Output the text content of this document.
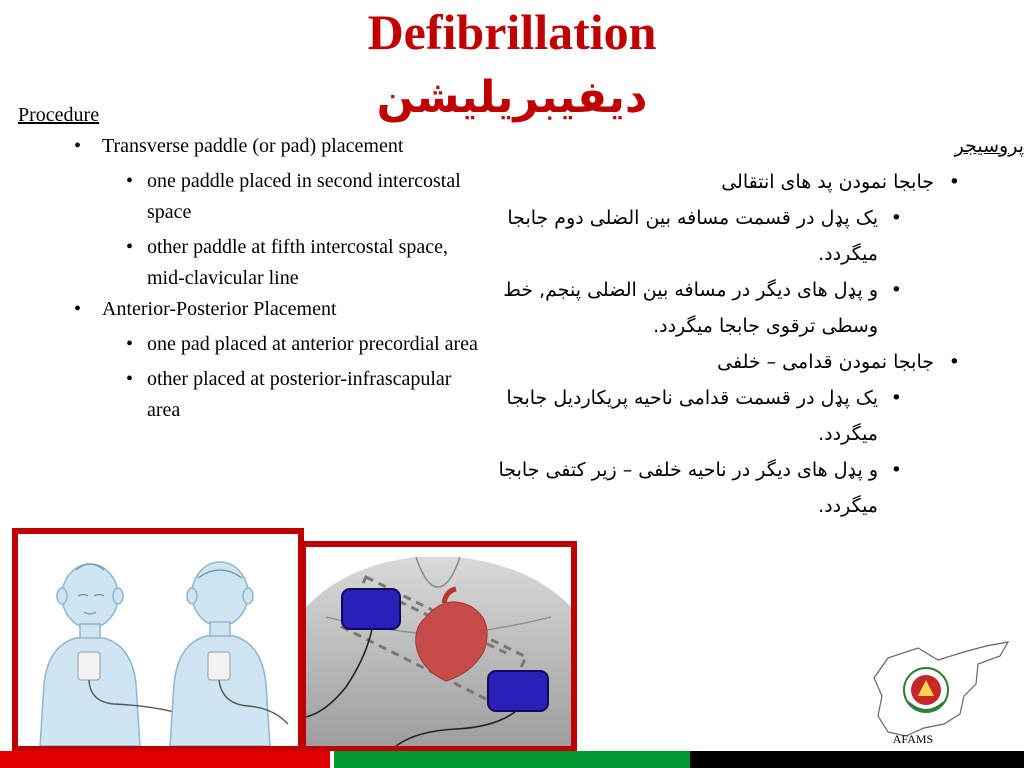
Defibrillation
دیفیبریلیشن
Procedure
• Transverse paddle (or pad) placement
• one paddle placed in second intercostal space
• other paddle at fifth intercostal space, mid-clavicular line
• Anterior-Posterior Placement
• one pad placed at anterior precordial area
• other placed at posterior-infrascapular area
پروسیجر
• جابجا نمودن پد های انتقالی
• یک پډل در قسمت مسافه بین الضلی دوم جابجا میگردد.
• و پډل های دیگر در مسافه بین الضلی پنجم, خط وسطی ترقوی جابجا میگردد.
• جابجا نمودن قدامی – خلفی
• یک پډل در قسمت قدامی ناحیه پریکاردیل جابجا میگردد.
• و پډل های دیگر در ناحیه خلفی – زیر کتفی جابجا میگردد.
AFAMS
